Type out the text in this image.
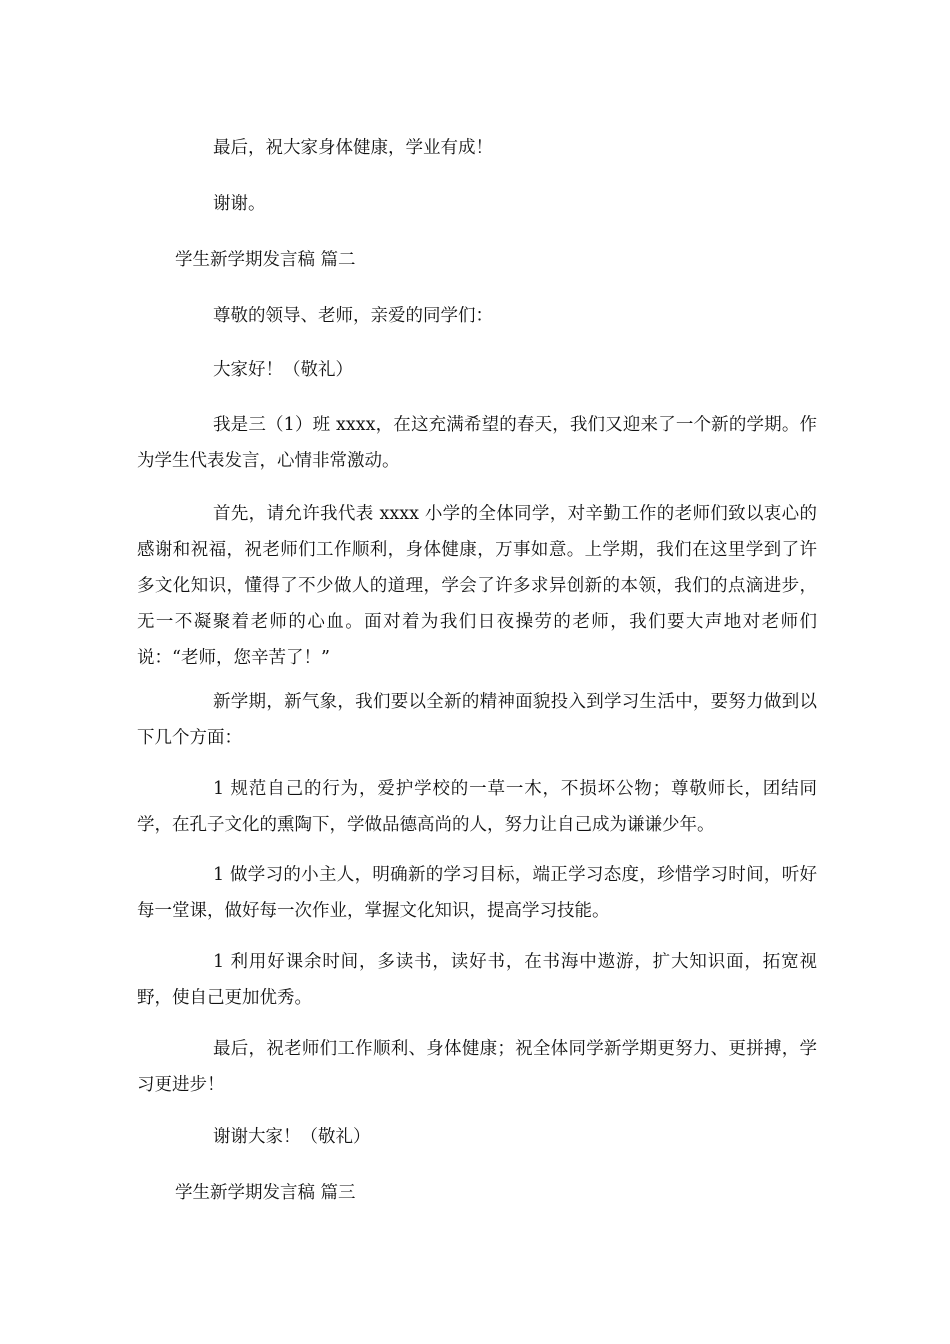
最后，祝大家身体健康，学业有成！
谢谢。
学生新学期发言稿 篇二
尊敬的领导、老师，亲爱的同学们：
大家好！（敬礼）
我是三（1）班 xxxx，在这充满希望的春天，我们又迎来了一个新的学期。作为学生代表发言，心情非常激动。
首先，请允许我代表 xxxx 小学的全体同学，对辛勤工作的老师们致以衷心的感谢和祝福，祝老师们工作顺利，身体健康，万事如意。上学期，我们在这里学到了许多文化知识，懂得了不少做人的道理，学会了许多求异创新的本领，我们的点滴进步，无一不凝聚着老师的心血。面对着为我们日夜操劳的老师，我们要大声地对老师们说：“老师，您辛苦了！”
新学期，新气象，我们要以全新的精神面貌投入到学习生活中，要努力做到以下几个方面：
1 规范自己的行为，爱护学校的一草一木，不损坏公物；尊敬师长，团结同学，在孔子文化的熏陶下，学做品德高尚的人，努力让自己成为谦谦少年。
1 做学习的小主人，明确新的学习目标，端正学习态度，珍惜学习时间，听好每一堂课，做好每一次作业，掌握文化知识，提高学习技能。
1 利用好课余时间，多读书，读好书，在书海中遨游，扩大知识面，拓宽视野，使自己更加优秀。
最后，祝老师们工作顺利、身体健康；祝全体同学新学期更努力、更拼搏，学习更进步！
谢谢大家！（敬礼）
学生新学期发言稿 篇三
